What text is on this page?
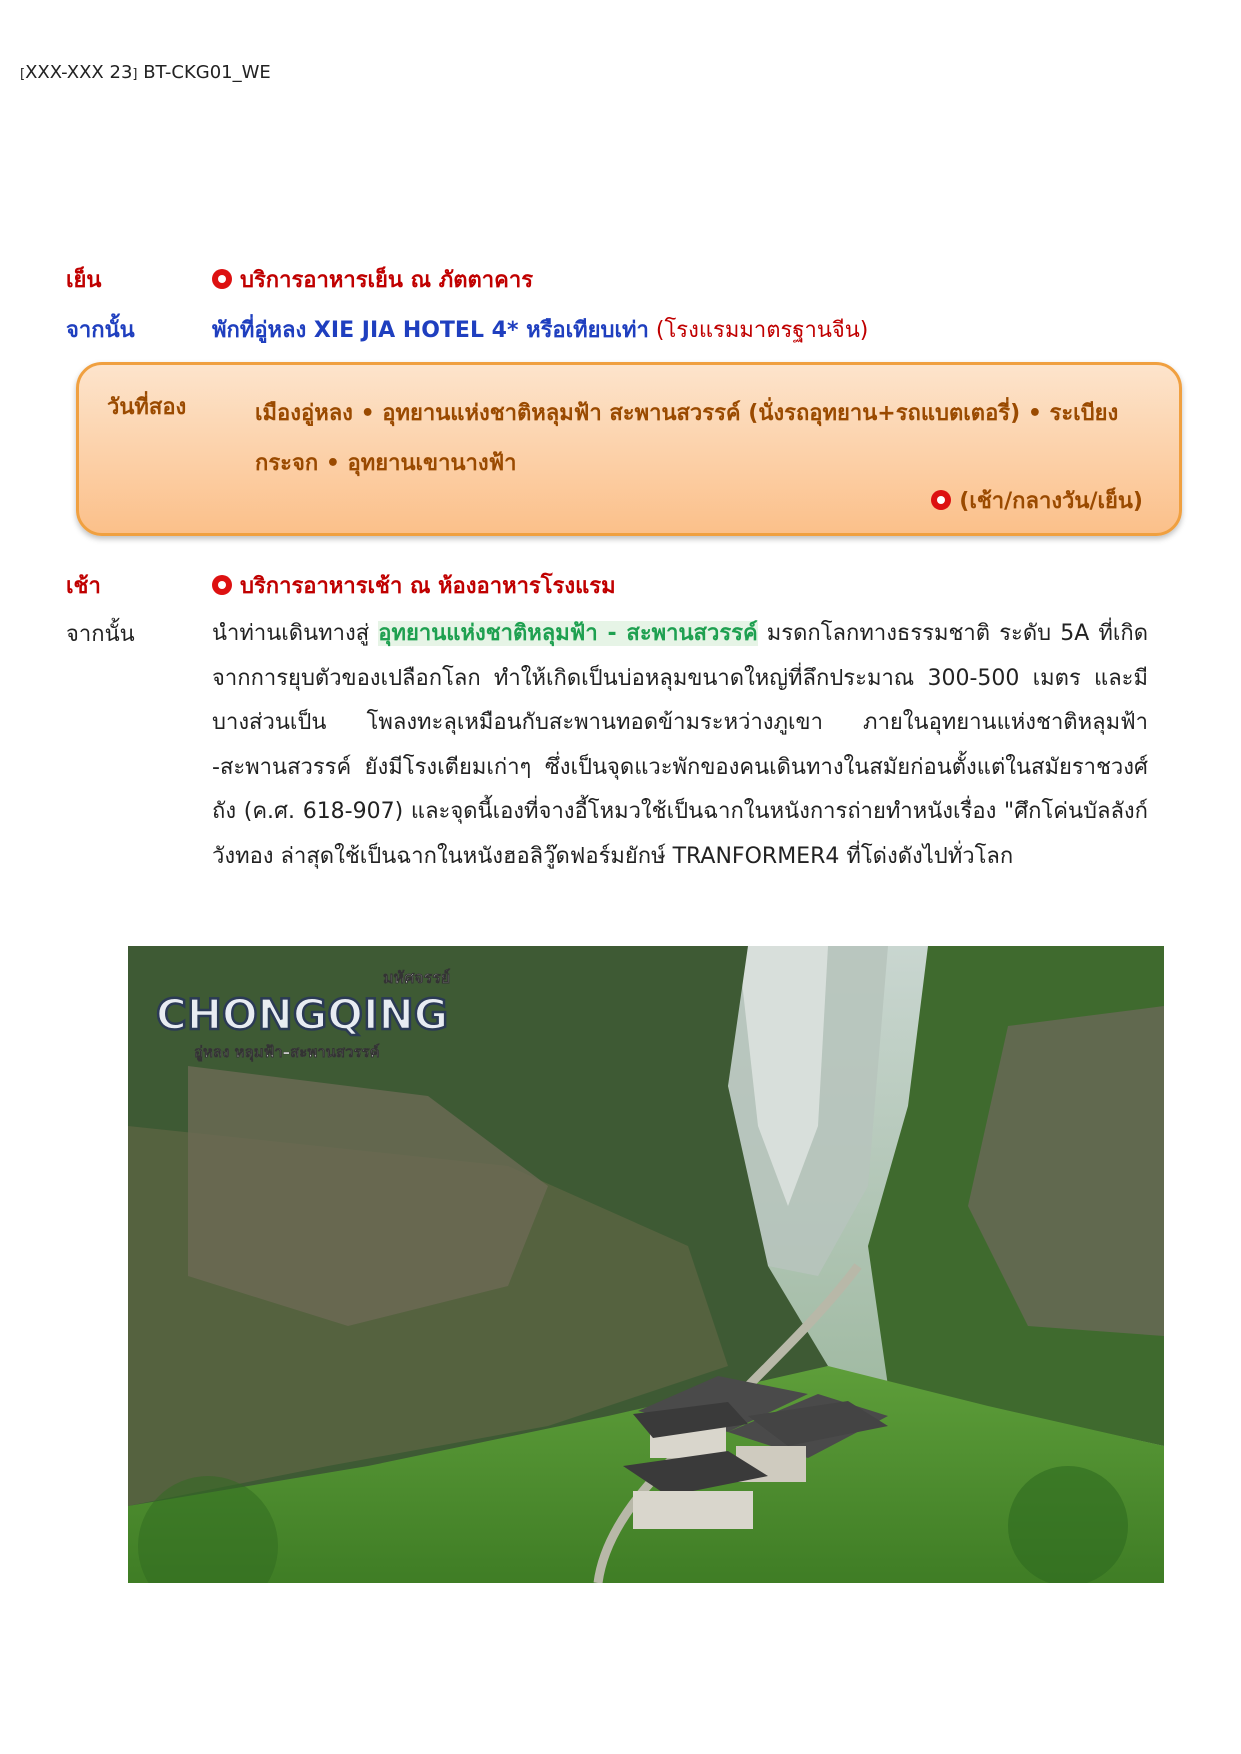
[XXX-XXX 23] BT-CKG01_WE
เย็น	บริการอาหารเย็น ณ ภัตตาคาร
จากนั้น	พักที่อู่หลง XIE JIA HOTEL 4* หรือเทียบเท่า (โรงแรมมาตรฐานจีน)
วันที่สอง	เมืองอู่หลง • อุทยานแห่งชาติหลุมฟ้า สะพานสวรรค์ (นั่งรถอุทยาน+รถแบตเตอรี่) • ระเบียงกระจก • อุทยานเขานางฟ้า
(เช้า/กลางวัน/เย็น)
เช้า	บริการอาหารเช้า ณ ห้องอาหารโรงแรม
จากนั้น	นำท่านเดินทางสู่ อุทยานแห่งชาติหลุมฟ้า - สะพานสวรรค์ มรดกโลกทางธรรมชาติ ระดับ 5A ที่เกิดจากการยุบตัวของเปลือกโลก ทำให้เกิดเป็นบ่อหลุมขนาดใหญ่ที่ลึกประมาณ 300-500 เมตร และมีบางส่วนเป็น โพลงทะลุเหมือนกับสะพานทอดข้ามระหว่างภูเขา ภายในอุทยานแห่งชาติหลุมฟ้า -สะพานสวรรค์ ยังมีโรงเตียมเก่าๆ ซึ่งเป็นจุดแวะพักของคนเดินทางในสมัยก่อนตั้งแต่ในสมัยราชวงศ์ถัง (ค.ศ. 618-907) และจุดนี้เองที่จางอี้โหมวใช้เป็นฉากในหนังการถ่ายทำหนังเรื่อง "ศึกโค่นบัลลังก์วังทอง ล่าสุดใช้เป็นฉากในหนังฮอลิวู๊ดฟอร์มยักษ์ TRANFORMER4 ที่โด่งดังไปทั่วโลก
มหัศจรรย์
CHONGQING
อู่หลง หลุมฟ้า–สะพานสวรรค์
